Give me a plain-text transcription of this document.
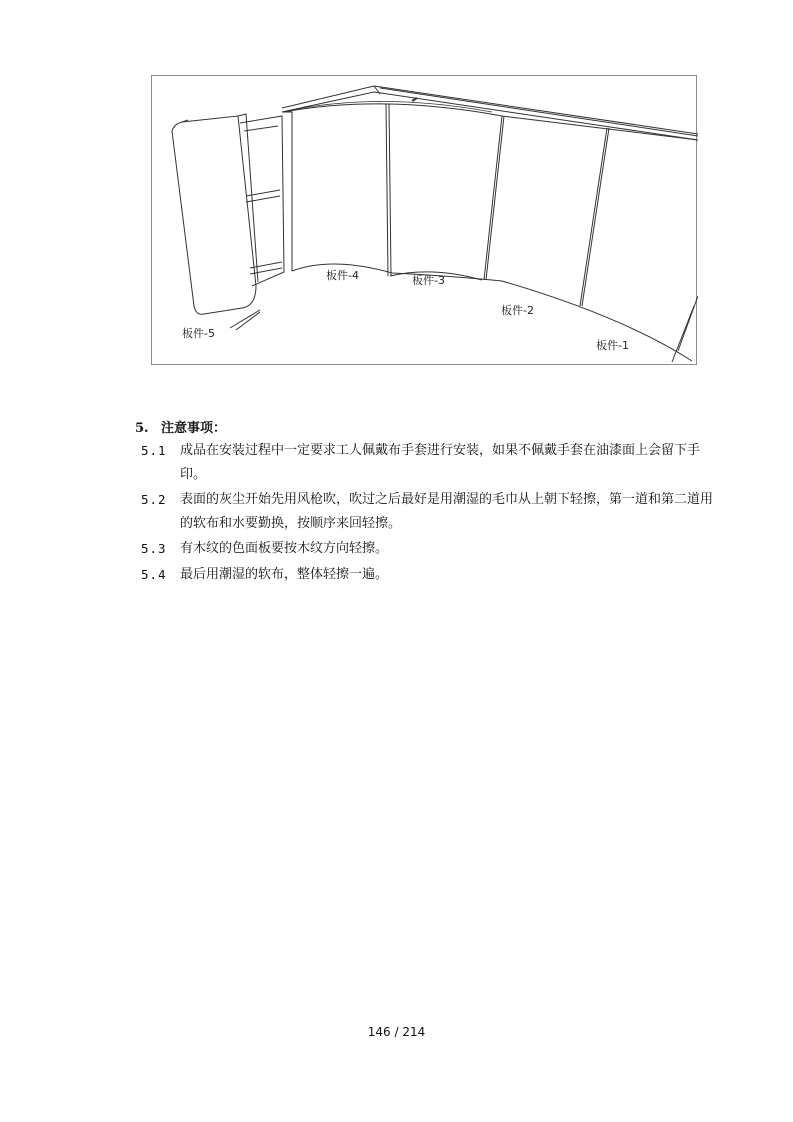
板件-4	板件-3
板件-2
板件-1
板件-5
5. 注意事项：
5.1	成品在安装过程中一定要求工人佩戴布手套进行安装，如果不佩戴手套在油漆面上会留下手印。
5.2	表面的灰尘开始先用风枪吹，吹过之后最好是用潮湿的毛巾从上朝下轻擦，第一道和第二道用的软布和水要勤换，按顺序来回轻擦。
5.3	有木纹的色面板要按木纹方向轻擦。
5.4	最后用潮湿的软布，整体轻擦一遍。
146 / 214
